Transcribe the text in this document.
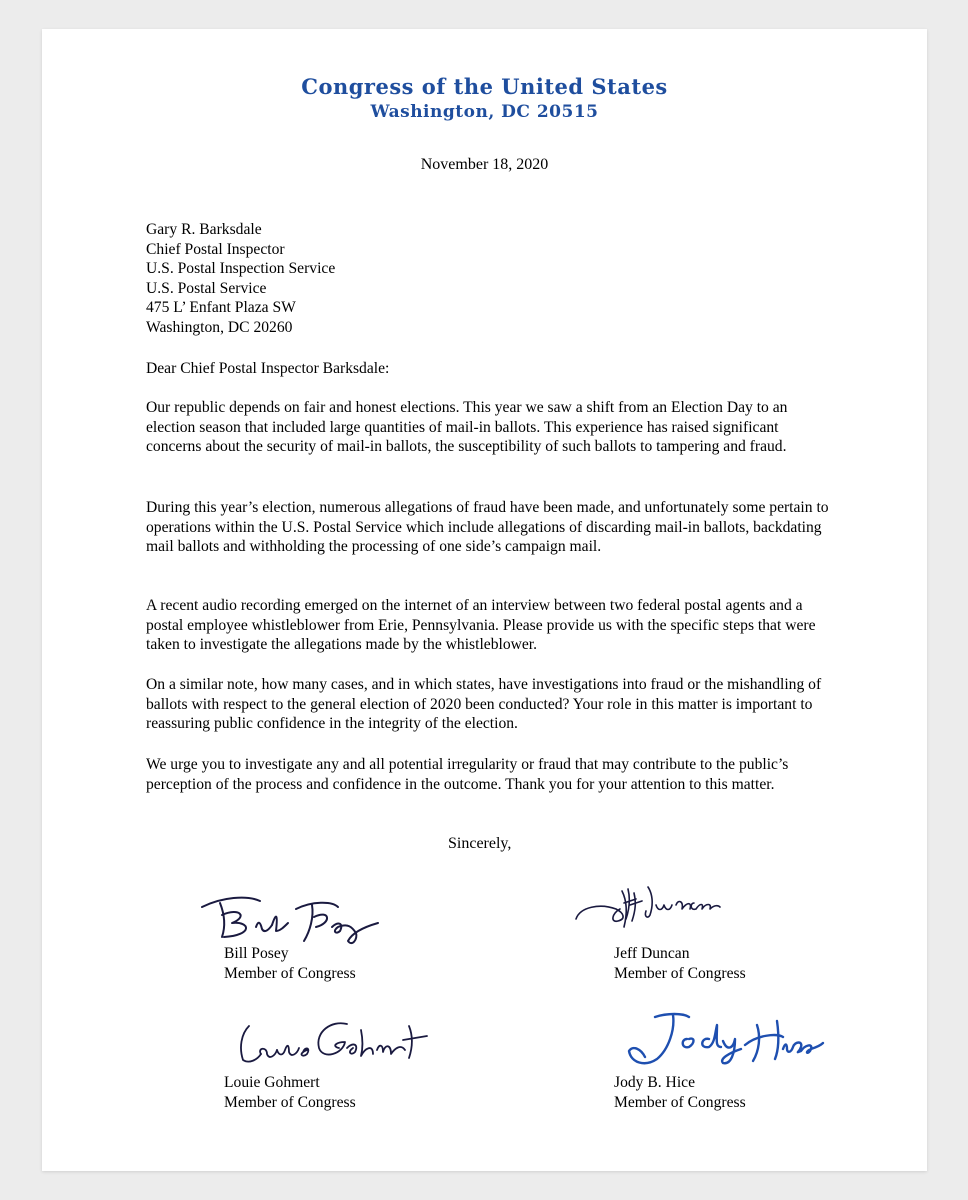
Congress of the United States
Washington, DC 20515
November 18, 2020
Gary R. Barksdale
Chief Postal Inspector
U.S. Postal Inspection Service
U.S. Postal Service
475 L’ Enfant Plaza SW
Washington, DC 20260
Dear Chief Postal Inspector Barksdale:

Our republic depends on fair and honest elections. This year we saw a shift from an Election Day to an election season that included large quantities of mail-in ballots. This experience has raised significant concerns about the security of mail-in ballots, the susceptibility of such ballots to tampering and fraud.

During this year’s election, numerous allegations of fraud have been made, and unfortunately some pertain to operations within the U.S. Postal Service which include allegations of discarding mail-in ballots, backdating mail ballots and withholding the processing of one side’s campaign mail.

A recent audio recording emerged on the internet of an interview between two federal postal agents and a postal employee whistleblower from Erie, Pennsylvania. Please provide us with the specific steps that were taken to investigate the allegations made by the whistleblower.

On a similar note, how many cases, and in which states, have investigations into fraud or the mishandling of ballots with respect to the general election of 2020 been conducted? Your role in this matter is important to reassuring public confidence in the integrity of the election.

We urge you to investigate any and all potential irregularity or fraud that may contribute to the public’s perception of the process and confidence in the outcome. Thank you for your attention to this matter.

Sincerely,
Bill Posey
Member of Congress
Jeff Duncan
Member of Congress
Louie Gohmert
Member of Congress
Jody B. Hice
Member of Congress
